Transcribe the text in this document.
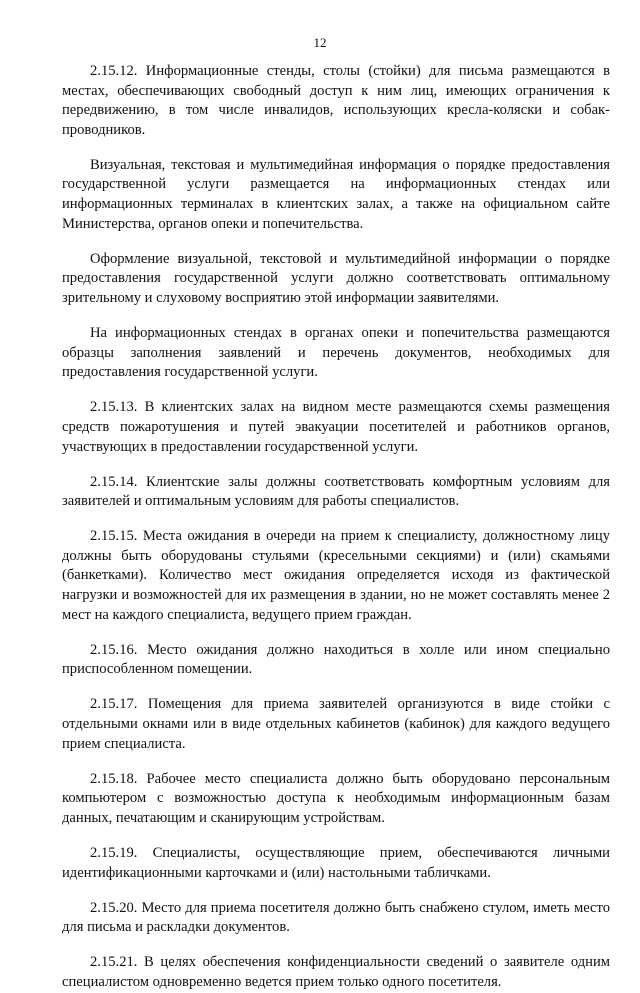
12

2.15.12. Информационные стенды, столы (стойки) для письма размещаются в местах, обеспечивающих свободный доступ к ним лиц, имеющих ограничения к передвижению, в том числе инвалидов, использующих кресла-коляски и собак-проводников.

Визуальная, текстовая и мультимедийная информация о порядке предоставления государственной услуги размещается на информационных стендах или информационных терминалах в клиентских залах, а также на официальном сайте Министерства, органов опеки и попечительства.

Оформление визуальной, текстовой и мультимедийной информации о порядке предоставления государственной услуги должно соответствовать оптимальному зрительному и слуховому восприятию этой информации заявителями.

На информационных стендах в органах опеки и попечительства размещаются образцы заполнения заявлений и перечень документов, необходимых для предоставления государственной услуги.

2.15.13. В клиентских залах на видном месте размещаются схемы размещения средств пожаротушения и путей эвакуации посетителей и работников органов, участвующих в предоставлении государственной услуги.

2.15.14. Клиентские залы должны соответствовать комфортным условиям для заявителей и оптимальным условиям для работы специалистов.

2.15.15. Места ожидания в очереди на прием к специалисту, должностному лицу должны быть оборудованы стульями (кресельными секциями) и (или) скамьями (банкетками). Количество мест ожидания определяется исходя из фактической нагрузки и возможностей для их размещения в здании, но не может составлять менее 2 мест на каждого специалиста, ведущего прием граждан.

2.15.16. Место ожидания должно находиться в холле или ином специально приспособленном помещении.

2.15.17. Помещения для приема заявителей организуются в виде стойки с отдельными окнами или в виде отдельных кабинетов (кабинок) для каждого ведущего прием специалиста.

2.15.18. Рабочее место специалиста должно быть оборудовано персональным компьютером с возможностью доступа к необходимым информационным базам данных, печатающим и сканирующим устройствам.

2.15.19. Специалисты, осуществляющие прием, обеспечиваются личными идентификационными карточками и (или) настольными табличками.

2.15.20. Место для приема посетителя должно быть снабжено стулом, иметь место для письма и раскладки документов.

2.15.21. В целях обеспечения конфиденциальности сведений о заявителе одним специалистом одновременно ведется прием только одного посетителя.
